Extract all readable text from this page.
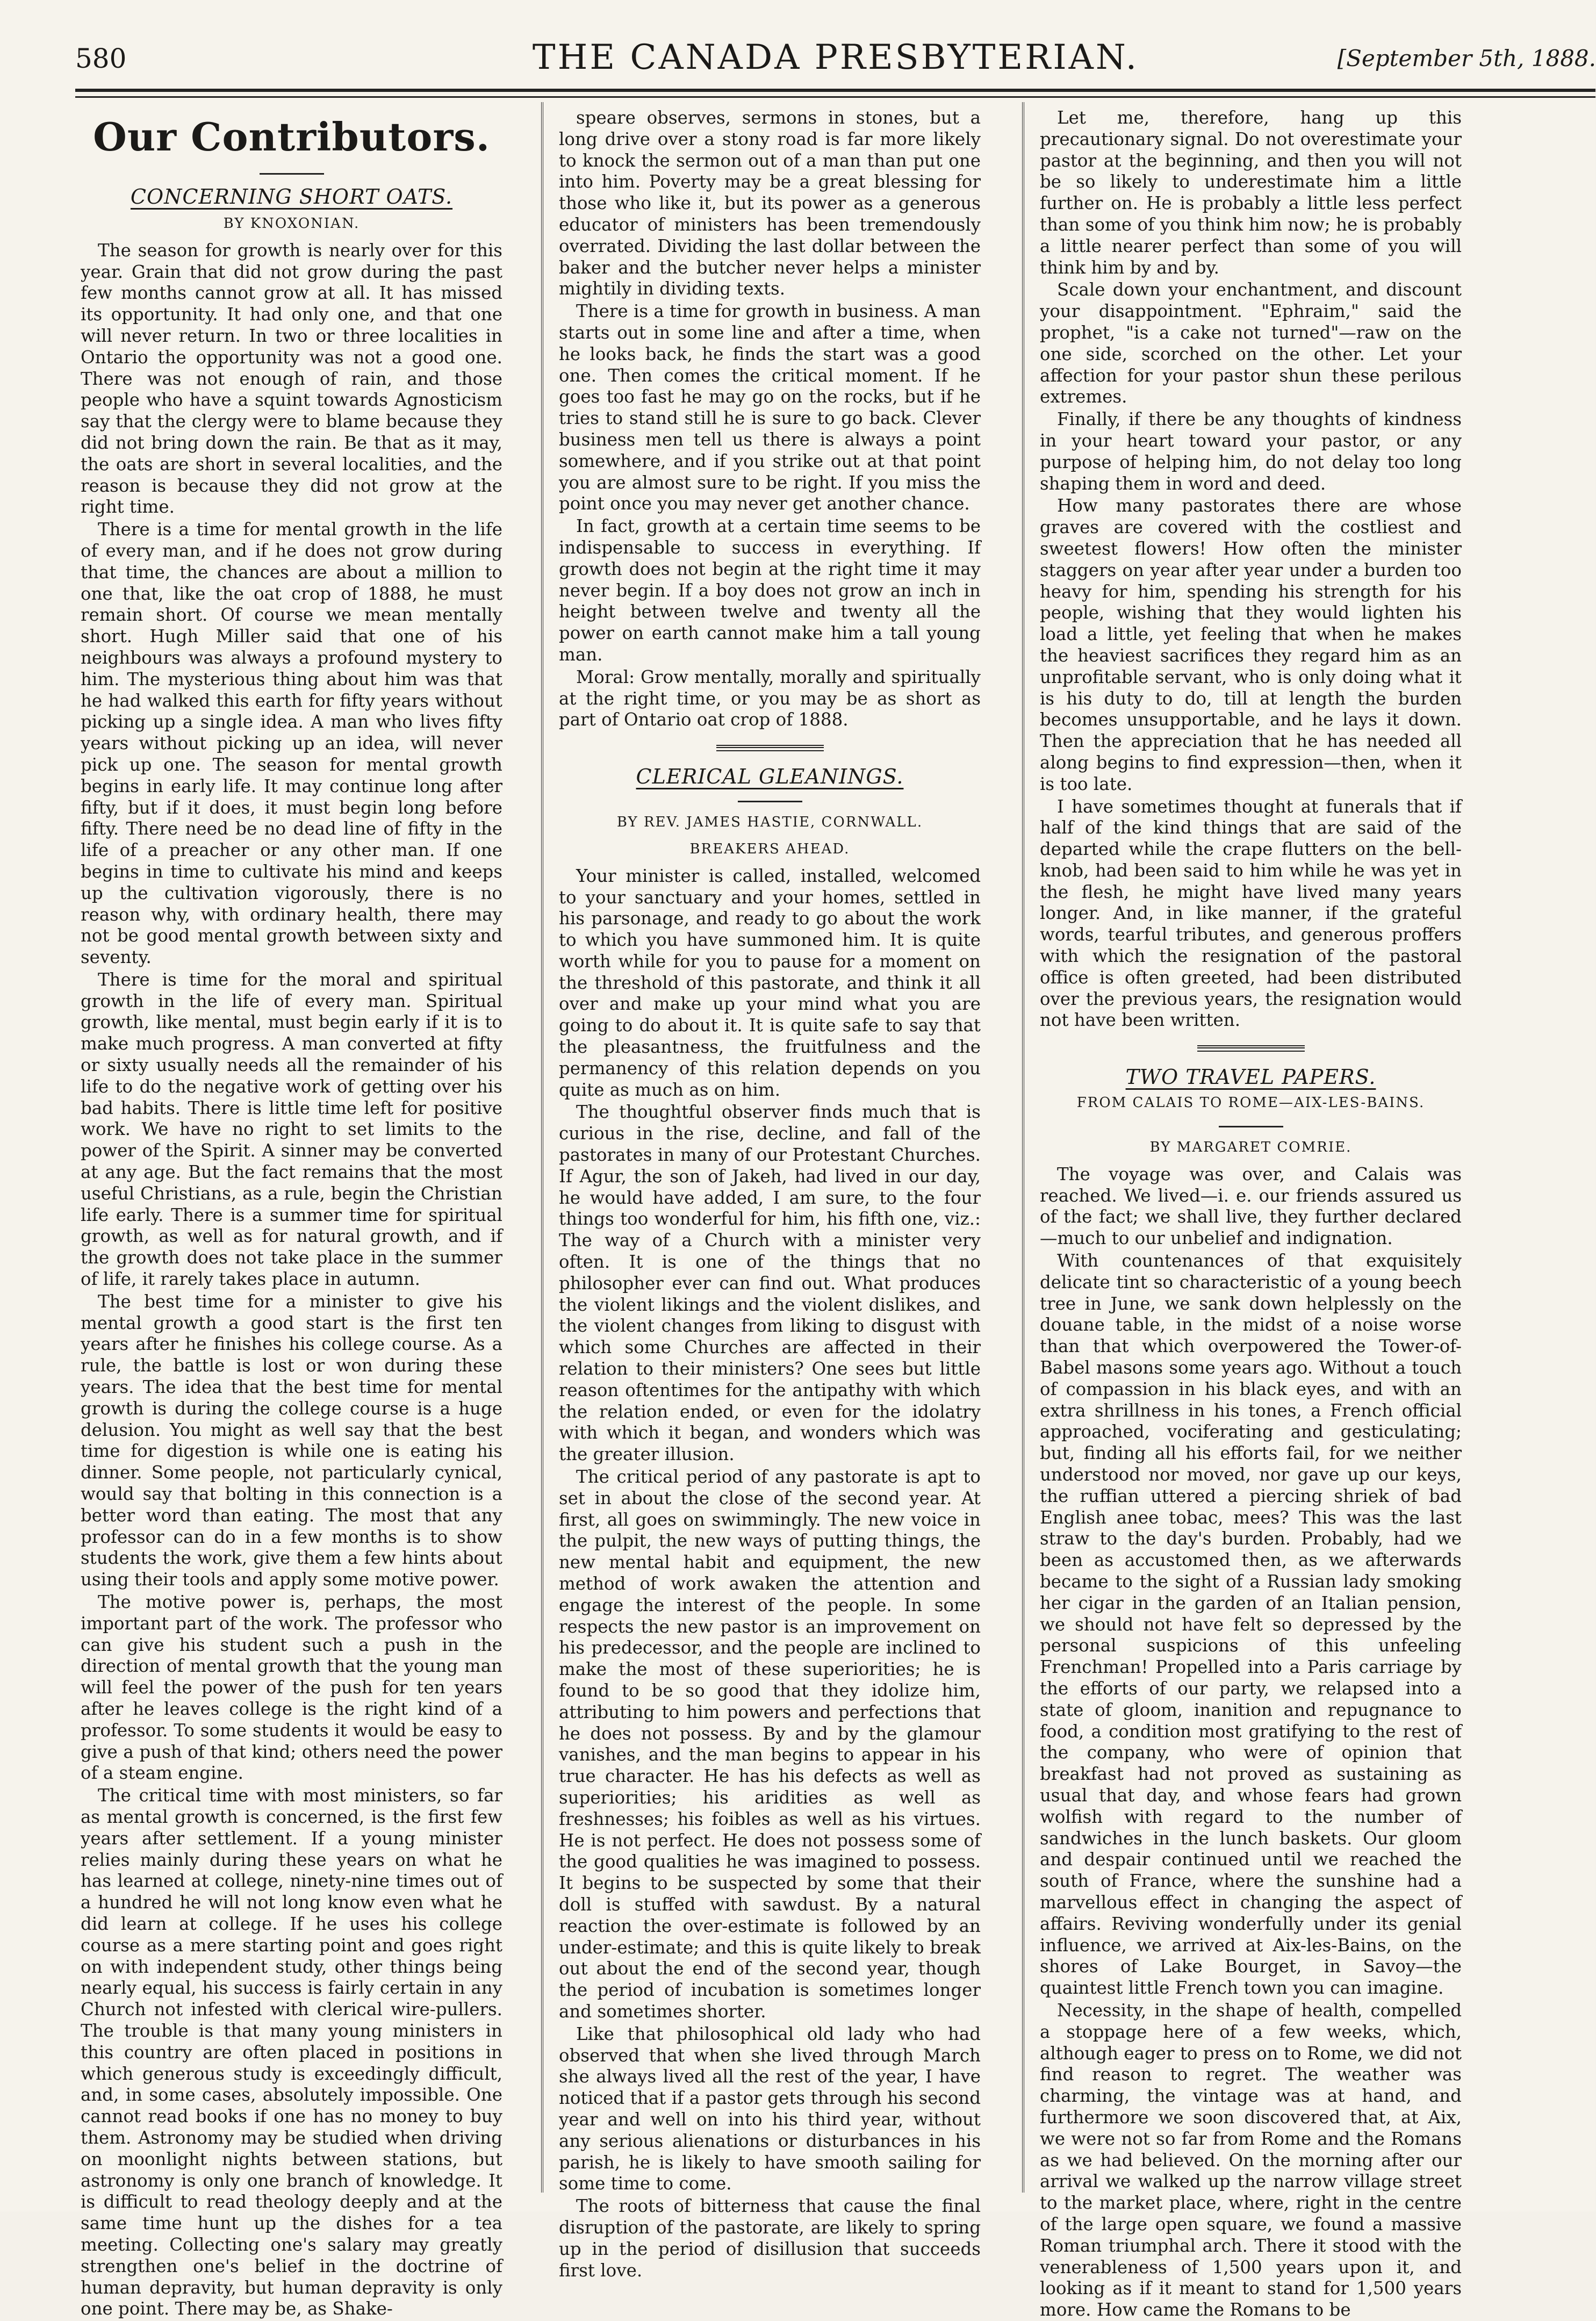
580	THE CANADA PRESBYTERIAN.	[September 5th, 1888.
Our Contributors.
CONCERNING SHORT OATS.
BY KNOXONIAN.

The season for growth is nearly over for this year. Grain that did not grow during the past few months cannot grow at all. It has missed its opportunity. It had only one, and that one will never return. In two or three localities in Ontario the opportunity was not a good one. There was not enough of rain, and those people who have a squint towards Agnosticism say that the clergy were to blame because they did not bring down the rain. Be that as it may, the oats are short in several localities, and the reason is because they did not grow at the right time.

There is a time for mental growth in the life of every man, and if he does not grow during that time, the chances are about a million to one that, like the oat crop of 1888, he must remain short. Of course we mean mentally short. Hugh Miller said that one of his neighbours was always a profound mystery to him. The mysterious thing about him was that he had walked this earth for fifty years without picking up a single idea. A man who lives fifty years without picking up an idea, will never pick up one. The season for mental growth begins in early life. It may continue long after fifty, but if it does, it must begin long before fifty. There need be no dead line of fifty in the life of a preacher or any other man. If one begins in time to cultivate his mind and keeps up the cultivation vigorously, there is no reason why, with ordinary health, there may not be good mental growth between sixty and seventy.

There is time for the moral and spiritual growth in the life of every man. Spiritual growth, like mental, must begin early if it is to make much progress. A man converted at fifty or sixty usually needs all the remainder of his life to do the negative work of getting over his bad habits. There is little time left for positive work. We have no right to set limits to the power of the Spirit. A sinner may be converted at any age. But the fact remains that the most useful Christians, as a rule, begin the Christian life early. There is a summer time for spiritual growth, as well as for natural growth, and if the growth does not take place in the summer of life, it rarely takes place in autumn.

The best time for a minister to give his mental growth a good start is the first ten years after he finishes his college course. As a rule, the battle is lost or won during these years. The idea that the best time for mental growth is during the college course is a huge delusion. You might as well say that the best time for digestion is while one is eating his dinner. Some people, not particularly cynical, would say that bolting in this connection is a better word than eating. The most that any professor can do in a few months is to show students the work, give them a few hints about using their tools and apply some motive power.

The motive power is, perhaps, the most important part of the work. The professor who can give his student such a push in the direction of mental growth that the young man will feel the power of the push for ten years after he leaves college is the right kind of a professor. To some students it would be easy to give a push of that kind; others need the power of a steam engine.

The critical time with most ministers, so far as mental growth is concerned, is the first few years after settlement. If a young minister relies mainly during these years on what he has learned at college, ninety-nine times out of a hundred he will not long know even what he did learn at college. If he uses his college course as a mere starting point and goes right on with independent study, other things being nearly equal, his success is fairly certain in any Church not infested with clerical wire-pullers. The trouble is that many young ministers in this country are often placed in positions in which generous study is exceedingly difficult, and, in some cases, absolutely impossible. One cannot read books if one has no money to buy them. Astronomy may be studied when driving on moonlight nights between stations, but astronomy is only one branch of knowledge. It is difficult to read theology deeply and at the same time hunt up the dishes for a tea meeting. Collecting one's salary may greatly strengthen one's belief in the doctrine of human depravity, but human depravity is only one point. There may be, as Shake-

speare observes, sermons in stones, but a long drive over a stony road is far more likely to knock the sermon out of a man than put one into him. Poverty may be a great blessing for those who like it, but its power as a generous educator of ministers has been tremendously overrated. Dividing the last dollar between the baker and the butcher never helps a minister mightily in dividing texts.

There is a time for growth in business. A man starts out in some line and after a time, when he looks back, he finds the start was a good one. Then comes the critical moment. If he goes too fast he may go on the rocks, but if he tries to stand still he is sure to go back. Clever business men tell us there is always a point somewhere, and if you strike out at that point you are almost sure to be right. If you miss the point once you may never get another chance.

In fact, growth at a certain time seems to be indispensable to success in everything. If growth does not begin at the right time it may never begin. If a boy does not grow an inch in height between twelve and twenty all the power on earth cannot make him a tall young man.

Moral: Grow mentally, morally and spiritually at the right time, or you may be as short as part of Ontario oat crop of 1888.

CLERICAL GLEANINGS.
BY REV. JAMES HASTIE, CORNWALL.
BREAKERS AHEAD.

Your minister is called, installed, welcomed to your sanctuary and your homes, settled in his parsonage, and ready to go about the work to which you have summoned him. It is quite worth while for you to pause for a moment on the threshold of this pastorate, and think it all over and make up your mind what you are going to do about it. It is quite safe to say that the pleasantness, the fruitfulness and the permanency of this relation depends on you quite as much as on him.

The thoughtful observer finds much that is curious in the rise, decline, and fall of the pastorates in many of our Protestant Churches. If Agur, the son of Jakeh, had lived in our day, he would have added, I am sure, to the four things too wonderful for him, his fifth one, viz.: The way of a Church with a minister very often. It is one of the things that no philosopher ever can find out. What produces the violent likings and the violent dislikes, and the violent changes from liking to disgust with which some Churches are affected in their relation to their ministers? One sees but little reason oftentimes for the antipathy with which the relation ended, or even for the idolatry with which it began, and wonders which was the greater illusion.

The critical period of any pastorate is apt to set in about the close of the second year. At first, all goes on swimmingly. The new voice in the pulpit, the new ways of putting things, the new mental habit and equipment, the new method of work awaken the attention and engage the interest of the people. In some respects the new pastor is an improvement on his predecessor, and the people are inclined to make the most of these superiorities; he is found to be so good that they idolize him, attributing to him powers and perfections that he does not possess. By and by the glamour vanishes, and the man begins to appear in his true character. He has his defects as well as superiorities; his aridities as well as freshnesses; his foibles as well as his virtues. He is not perfect. He does not possess some of the good qualities he was imagined to possess. It begins to be suspected by some that their doll is stuffed with sawdust. By a natural reaction the over-estimate is followed by an under-estimate; and this is quite likely to break out about the end of the second year, though the period of incubation is sometimes longer and sometimes shorter.

Like that philosophical old lady who had observed that when she lived through March she always lived all the rest of the year, I have noticed that if a pastor gets through his second year and well on into his third year, without any serious alienations or disturbances in his parish, he is likely to have smooth sailing for some time to come.

The roots of bitterness that cause the final disruption of the pastorate, are likely to spring up in the period of disillusion that succeeds first love.

Let me, therefore, hang up this precautionary signal. Do not overestimate your pastor at the beginning, and then you will not be so likely to underestimate him a little further on. He is probably a little less perfect than some of you think him now; he is probably a little nearer perfect than some of you will think him by and by.

Scale down your enchantment, and discount your disappointment. "Ephraim," said the prophet, "is a cake not turned"—raw on the one side, scorched on the other. Let your affection for your pastor shun these perilous extremes.

Finally, if there be any thoughts of kindness in your heart toward your pastor, or any purpose of helping him, do not delay too long shaping them in word and deed.

How many pastorates there are whose graves are covered with the costliest and sweetest flowers! How often the minister staggers on year after year under a burden too heavy for him, spending his strength for his people, wishing that they would lighten his load a little, yet feeling that when he makes the heaviest sacrifices they regard him as an unprofitable servant, who is only doing what it is his duty to do, till at length the burden becomes unsupportable, and he lays it down. Then the appreciation that he has needed all along begins to find expression—then, when it is too late.

I have sometimes thought at funerals that if half of the kind things that are said of the departed while the crape flutters on the bell-knob, had been said to him while he was yet in the flesh, he might have lived many years longer. And, in like manner, if the grateful words, tearful tributes, and generous proffers with which the resignation of the pastoral office is often greeted, had been distributed over the previous years, the resignation would not have been written.

TWO TRAVEL PAPERS.
FROM CALAIS TO ROME—AIX-LES-BAINS.
BY MARGARET COMRIE.

The voyage was over, and Calais was reached. We lived—i. e. our friends assured us of the fact; we shall live, they further declared—much to our unbelief and indignation.

With countenances of that exquisitely delicate tint so characteristic of a young beech tree in June, we sank down helplessly on the douane table, in the midst of a noise worse than that which overpowered the Tower-of-Babel masons some years ago. Without a touch of compassion in his black eyes, and with an extra shrillness in his tones, a French official approached, vociferating and gesticulating; but, finding all his efforts fail, for we neither understood nor moved, nor gave up our keys, the ruffian uttered a piercing shriek of bad English anee tobac, mees? This was the last straw to the day's burden. Probably, had we been as accustomed then, as we afterwards became to the sight of a Russian lady smoking her cigar in the garden of an Italian pension, we should not have felt so depressed by the personal suspicions of this unfeeling Frenchman! Propelled into a Paris carriage by the efforts of our party, we relapsed into a state of gloom, inanition and repugnance to food, a condition most gratifying to the rest of the company, who were of opinion that breakfast had not proved as sustaining as usual that day, and whose fears had grown wolfish with regard to the number of sandwiches in the lunch baskets. Our gloom and despair continued until we reached the south of France, where the sunshine had a marvellous effect in changing the aspect of affairs. Reviving wonderfully under its genial influence, we arrived at Aix-les-Bains, on the shores of Lake Bourget, in Savoy—the quaintest little French town you can imagine.

Necessity, in the shape of health, compelled a stoppage here of a few weeks, which, although eager to press on to Rome, we did not find reason to regret. The weather was charming, the vintage was at hand, and furthermore we soon discovered that, at Aix, we were not so far from Rome and the Romans as we had believed. On the morning after our arrival we walked up the narrow village street to the market place, where, right in the centre of the large open square, we found a massive Roman triumphal arch. There it stood with the venerableness of 1,500 years upon it, and looking as if it meant to stand for 1,500 years more. How came the Romans to be
